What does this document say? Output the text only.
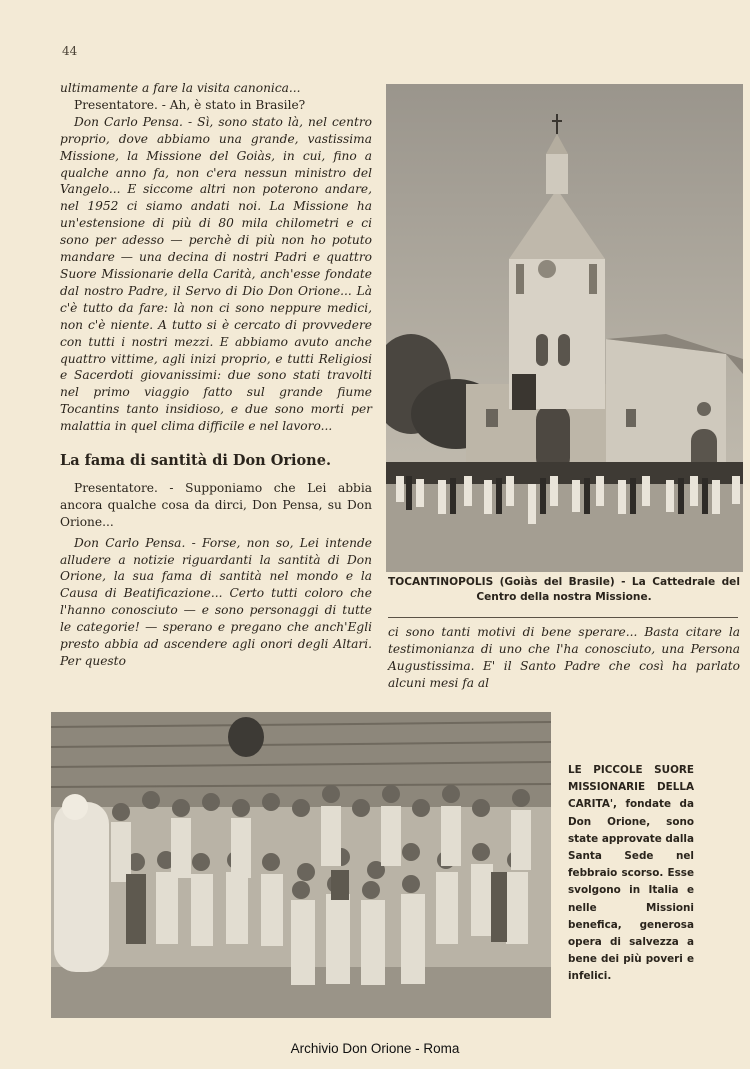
44

ultimamente a fare la visita canonica...

Presentatore. - Ah, è stato in Brasile?

Don Carlo Pensa. - Sì, sono stato là, nel centro proprio, dove abbiamo una grande, vastissima Missione, la Missione del Goiàs, in cui, fino a qualche anno fa, non c'era nessun ministro del Vangelo... E siccome altri non poterono andare, nel 1952 ci siamo andati noi. La Missione ha un'estensione di più di 80 mila chilometri e ci sono per adesso — perchè di più non ho potuto mandare — una decina di nostri Padri e quattro Suore Missionarie della Carità, anch'esse fondate dal nostro Padre, il Servo di Dio Don Orione... Là c'è tutto da fare: là non ci sono neppure medici, non c'è niente. A tutto si è cercato di provvedere con tutti i nostri mezzi. E abbiamo avuto anche quattro vittime, agli inizi proprio, e tutti Religiosi e Sacerdoti giovanissimi: due sono stati travolti nel primo viaggio fatto sul grande fiume Tocantins tanto insidioso, e due sono morti per malattia in quel clima difficile e nel lavoro...

La fama di santità di Don Orione.

Presentatore. - Supponiamo che Lei abbia ancora qualche cosa da dirci, Don Pensa, su Don Orione...

Don Carlo Pensa. - Forse, non so, Lei intende alludere a notizie riguardanti la santità di Don Orione, la sua fama di santità nel mondo e la Causa di Beatificazione... Certo tutti coloro che l'hanno conosciuto — e sono personaggi di tutte le categorie! — sperano e pregano che anch'Egli presto abbia ad ascendere agli onori degli Altari. Per questo

TOCANTINOPOLIS (Goiàs del Brasile) - La Cattedrale del Centro della nostra Missione.

ci sono tanti motivi di bene sperare... Basta citare la testimonianza di uno che l'ha conosciuto, una Persona Augustissima. E' il Santo Padre che così ha parlato alcuni mesi fa al

LE PICCOLE SUORE MISSIONARIE DELLA CARITA', fondate da Don Orione, sono state approvate dalla Santa Sede nel febbraio scorso. Esse svolgono in Italia e nelle Missioni benefica, generosa opera di salvezza a bene dei più poveri e infelici.
Archivio Don Orione - Roma
